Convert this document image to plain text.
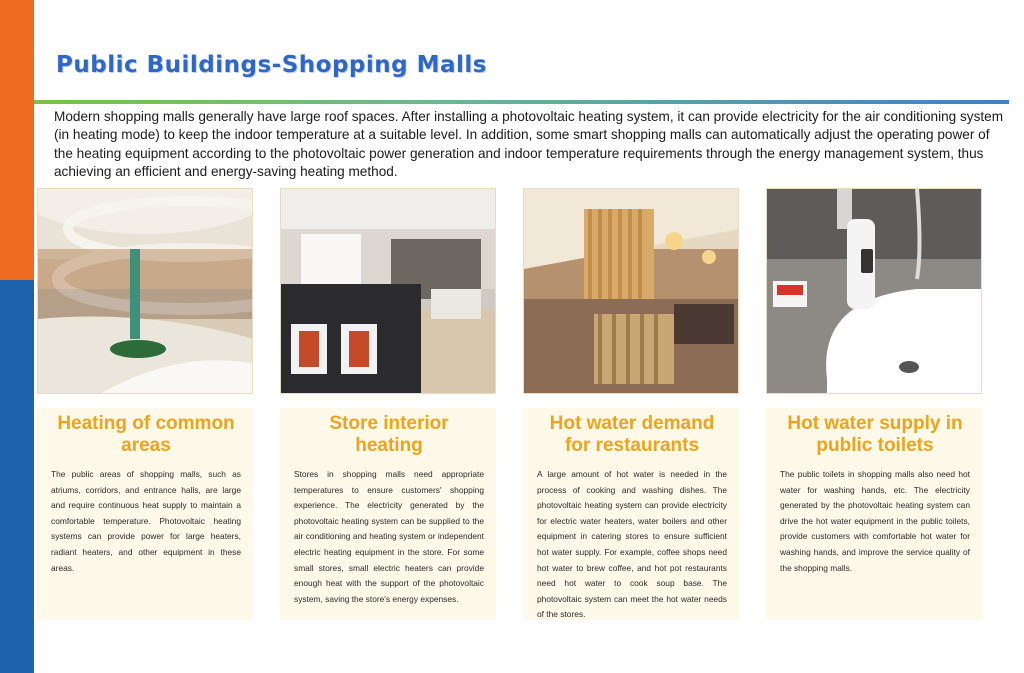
Public Buildings-Shopping Malls

Modern shopping malls generally have large roof spaces. After installing a photovoltaic heating system, it can provide electricity for the air conditioning system (in heating mode) to keep the indoor temperature at a suitable level. In addition, some smart shopping malls can automatically adjust the operating power of the heating equipment according to the photovoltaic power generation and indoor temperature requirements through the energy management system, thus achieving an efficient and energy-saving heating method.

Heating of common areas

The public areas of shopping malls, such as atriums, corridors, and entrance halls, are large and require continuous heat supply to maintain a comfortable temperature. Photovoltaic heating systems can provide power for large heaters, radiant heaters, and other equipment in these areas.

Store interior heating

Stores in shopping malls need appropriate temperatures to ensure customers' shopping experience. The electricity generated by the photovoltaic heating system can be supplied to the air conditioning and heating system or independent electric heating equipment in the store. For some small stores, small electric heaters can provide enough heat with the support of the photovoltaic system, saving the store's energy expenses.

Hot water demand for restaurants

A large amount of hot water is needed in the process of cooking and washing dishes. The photovoltaic heating system can provide electricity for electric water heaters, water boilers and other equipment in catering stores to ensure sufficient hot water supply. For example, coffee shops need hot water to brew coffee, and hot pot restaurants need hot water to cook soup base. The photovoltaic system can meet the hot water needs of the stores.

Hot water supply in public toilets

The public toilets in shopping malls also need hot water for washing hands, etc. The electricity generated by the photovoltaic heating system can drive the hot water equipment in the public toilets, provide customers with comfortable hot water for washing hands, and improve the service quality of the shopping malls.
